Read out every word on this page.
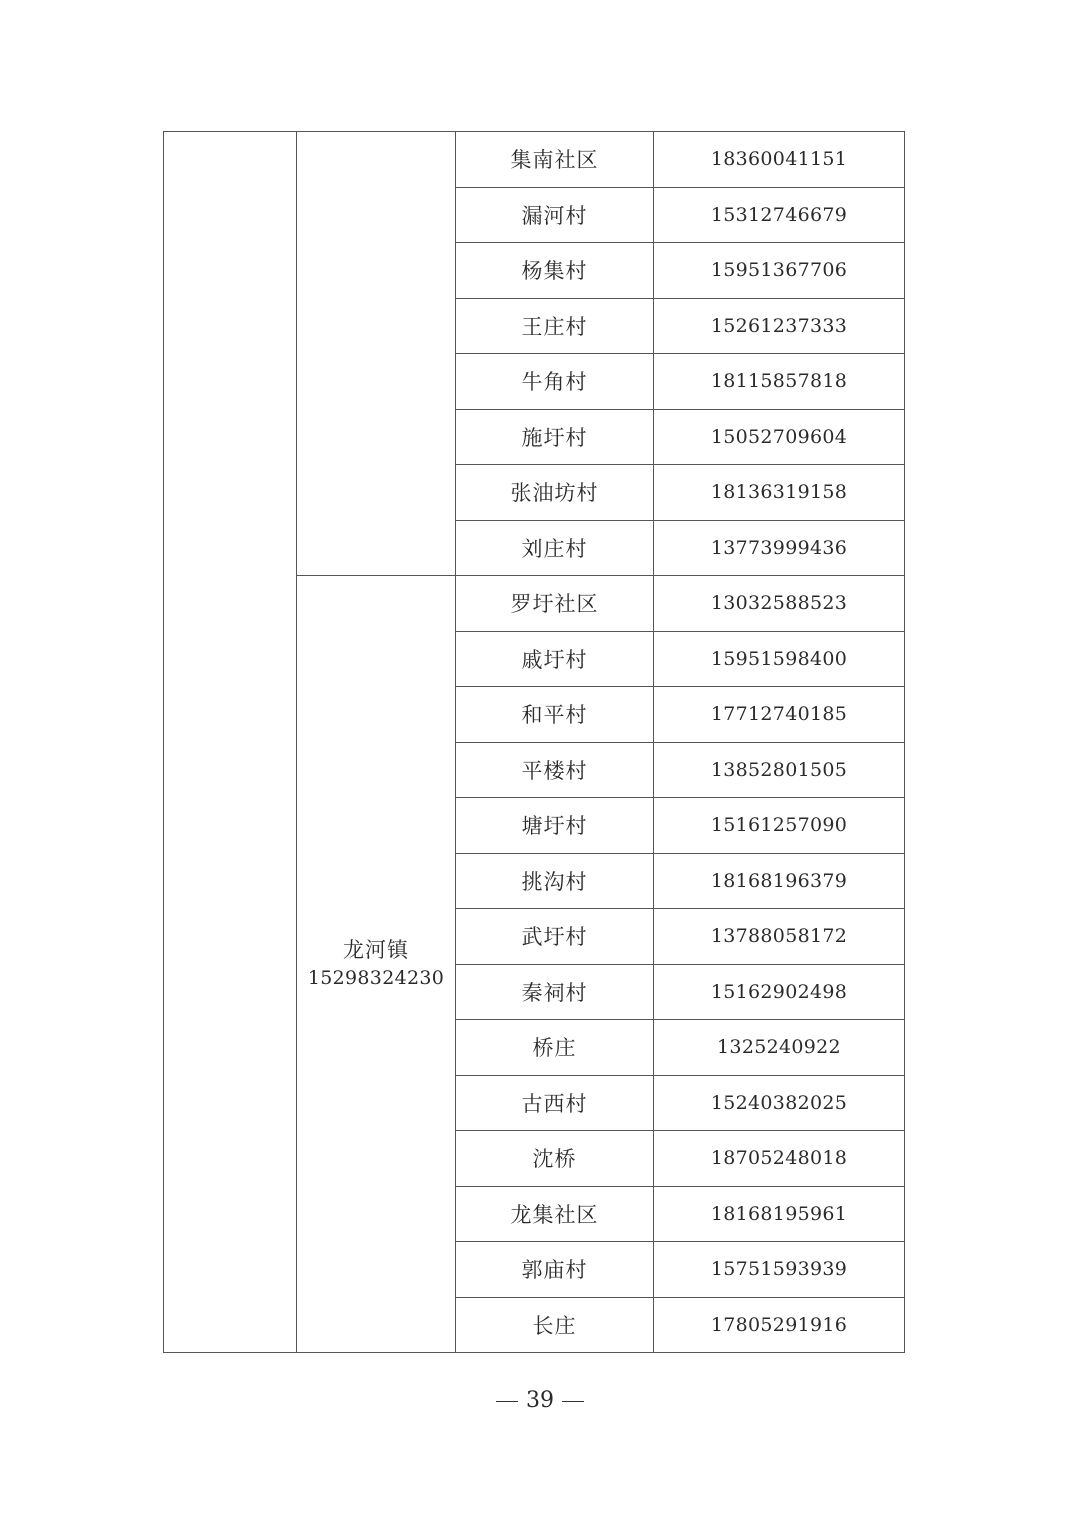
龙河镇
15298324230
集南社区	18360041151
漏河村	15312746679
杨集村	15951367706
王庄村	15261237333
牛角村	18115857818
施圩村	15052709604
张油坊村	18136319158
刘庄村	13773999436
罗圩社区	13032588523
戚圩村	15951598400
和平村	17712740185
平楼村	13852801505
塘圩村	15161257090
挑沟村	18168196379
武圩村	13788058172
秦祠村	15162902498
桥庄	1325240922
古西村	15240382025
沈桥	18705248018
龙集社区	18168195961
郭庙村	15751593939
长庄	17805291916
39
